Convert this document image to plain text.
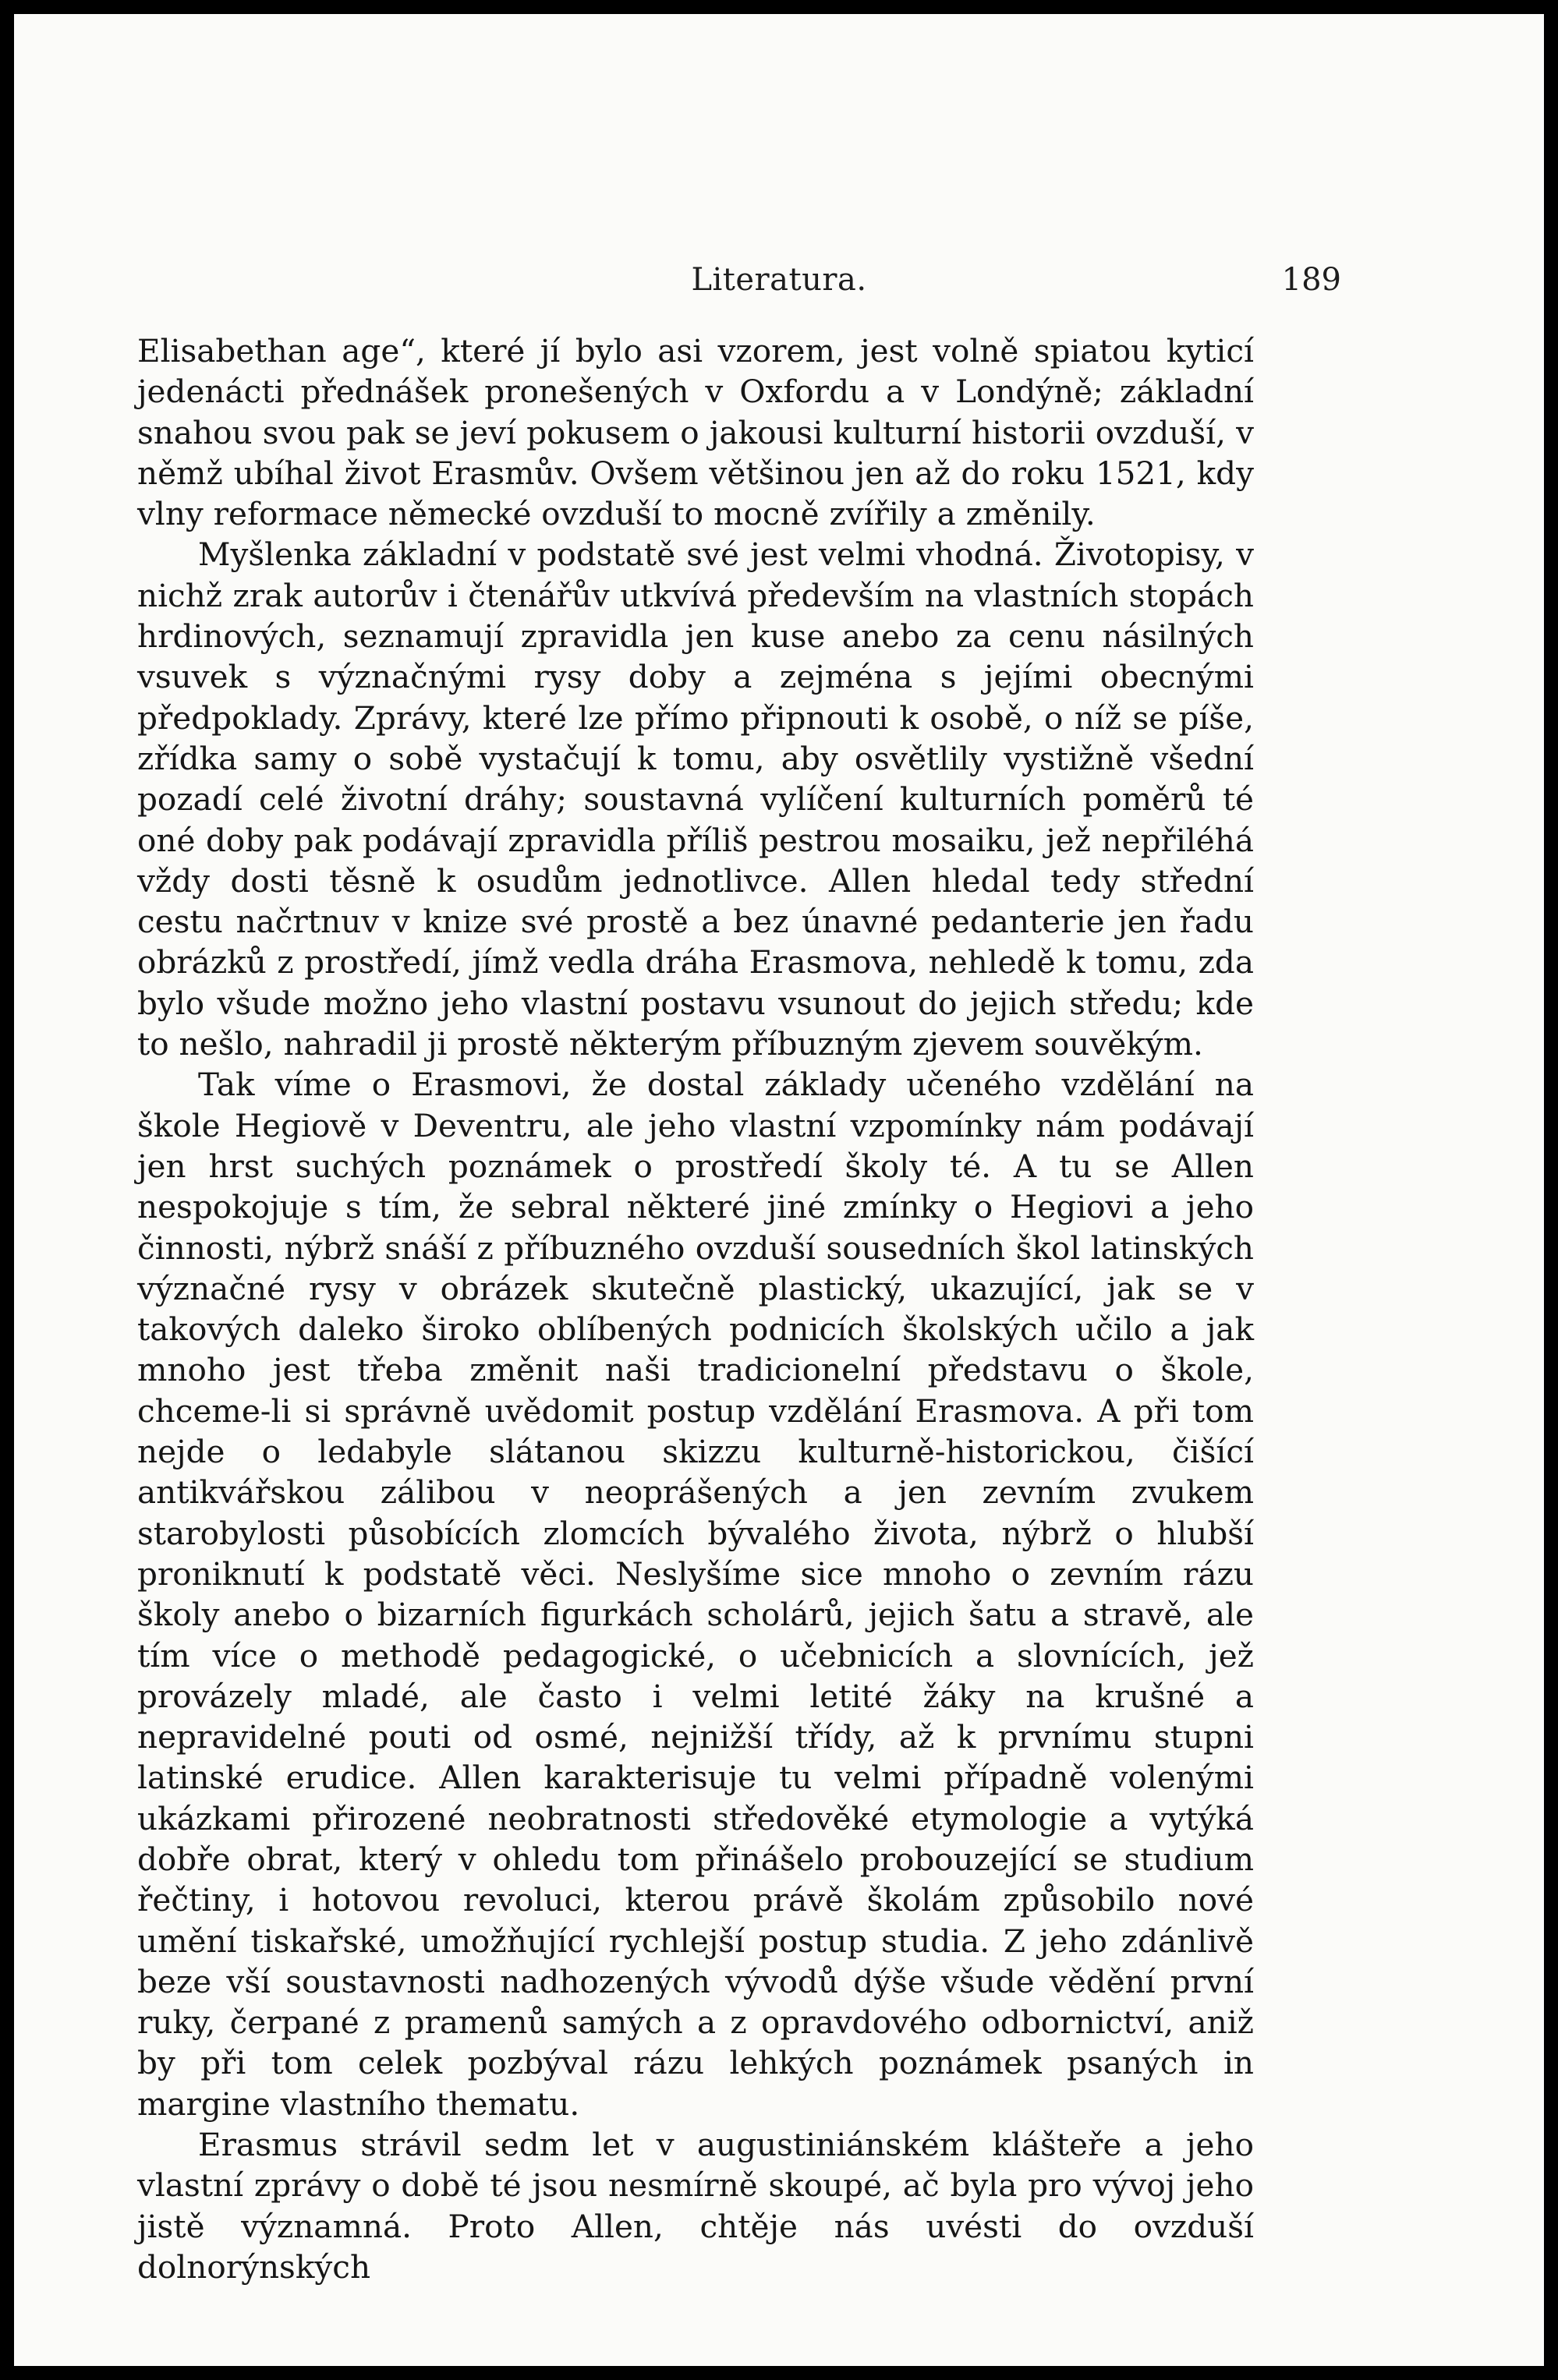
Literatura.	189

Elisabethan age“, které jí bylo asi vzorem, jest volně spiatou kyticí jedenácti přednášek pronešených v Oxfordu a v Londýně; základní snahou svou pak se jeví pokusem o jakousi kulturní historii ovzduší, v němž ubíhal život Erasmův. Ovšem většinou jen až do roku 1521, kdy vlny reformace německé ovzduší to mocně zvířily a změnily.

Myšlenka základní v podstatě své jest velmi vhodná. Životopisy, v nichž zrak autorův i čtenářův utkvívá především na vlastních stopách hrdinových, seznamují zpravidla jen kuse anebo za cenu násilných vsuvek s význačnými rysy doby a zejména s jejími obecnými předpoklady. Zprávy, které lze přímo připnouti k osobě, o níž se píše, zřídka samy o sobě vystačují k tomu, aby osvětlily vystižně všední pozadí celé životní dráhy; soustavná vylíčení kulturních poměrů té oné doby pak podávají zpravidla příliš pestrou mosaiku, jež nepřiléhá vždy dosti těsně k osudům jednotlivce. Allen hledal tedy střední cestu načrtnuv v knize své prostě a bez únavné pedanterie jen řadu obrázků z prostředí, jímž vedla dráha Erasmova, nehledě k tomu, zda bylo všude možno jeho vlastní postavu vsunout do jejich středu; kde to nešlo, nahradil ji prostě některým příbuzným zjevem souvěkým.

Tak víme o Erasmovi, že dostal základy učeného vzdělání na škole Hegiově v Deventru, ale jeho vlastní vzpomínky nám podávají jen hrst suchých poznámek o prostředí školy té. A tu se Allen nespokojuje s tím, že sebral některé jiné zmínky o Hegiovi a jeho činnosti, nýbrž snáší z příbuzného ovzduší sousedních škol latinských význačné rysy v obrázek skutečně plastický, ukazující, jak se v takových daleko široko oblíbených podnicích školských učilo a jak mnoho jest třeba změnit naši tradicionelní představu o škole, chceme-li si správně uvědomit postup vzdělání Erasmova. A při tom nejde o ledabyle slátanou skizzu kulturně-historickou, čišící antikvářskou zálibou v neoprášených a jen zevním zvukem starobylosti působících zlomcích bývalého života, nýbrž o hlubší proniknutí k podstatě věci. Neslyšíme sice mnoho o zevním rázu školy anebo o bizarních figurkách scholárů, jejich šatu a stravě, ale tím více o methodě pedagogické, o učebnicích a slovnících, jež provázely mladé, ale často i velmi letité žáky na krušné a nepravidelné pouti od osmé, nejnižší třídy, až k prvnímu stupni latinské erudice. Allen karakterisuje tu velmi případně volenými ukázkami přirozené neobratnosti středověké etymologie a vytýká dobře obrat, který v ohledu tom přinášelo probouzející se studium řečtiny, i hotovou revoluci, kterou právě školám způsobilo nové umění tiskařské, umožňující rychlejší postup studia. Z jeho zdánlivě beze vší soustavnosti nadhozených vývodů dýše všude vědění první ruky, čerpané z pramenů samých a z opravdového odbornictví, aniž by při tom celek pozbýval rázu lehkých poznámek psaných in margine vlastního thematu.

Erasmus strávil sedm let v augustiniánském klášteře a jeho vlastní zprávy o době té jsou nesmírně skoupé, ač byla pro vývoj jeho jistě významná. Proto Allen, chtěje nás uvésti do ovzduší dolnorýnských
